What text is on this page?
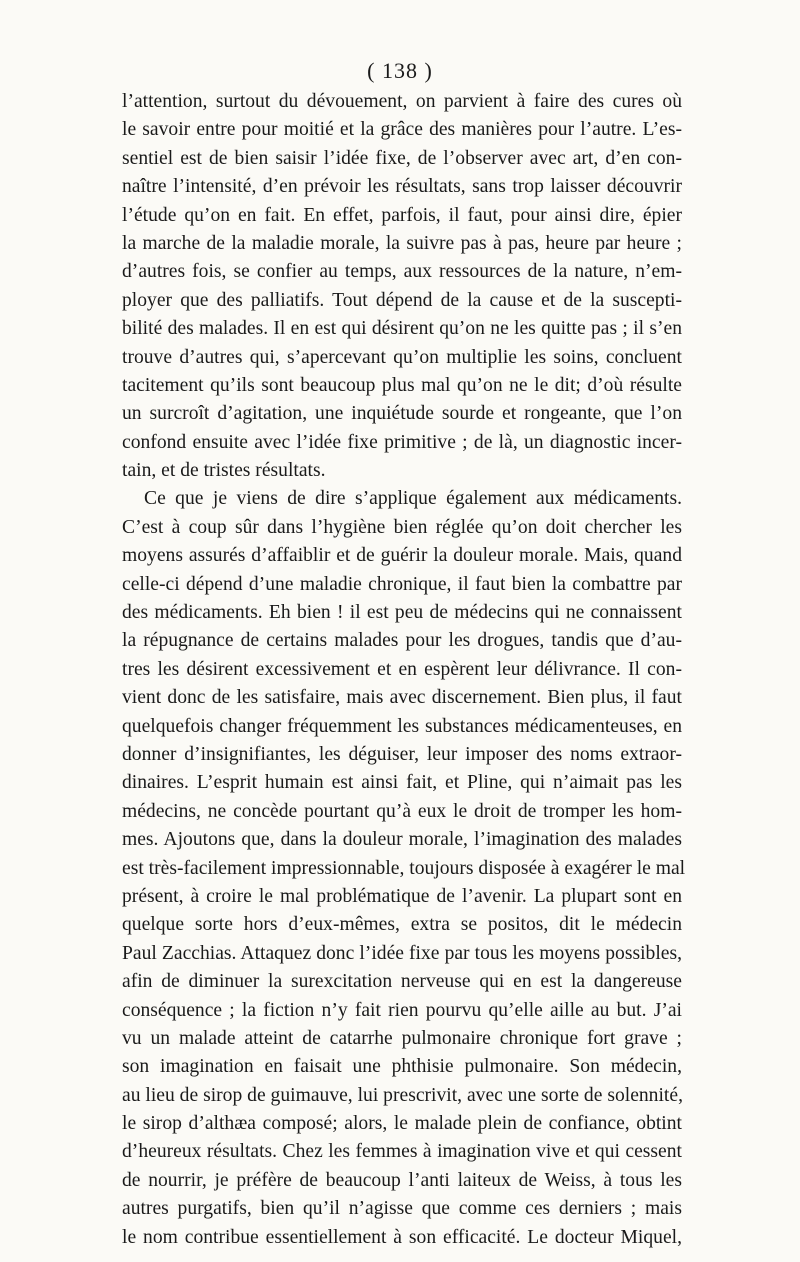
( 138 )
l’attention, surtout du dévouement, on parvient à faire des cures où
le savoir entre pour moitié et la grâce des manières pour l’autre. L’es-
sentiel est de bien saisir l’idée fixe, de l’observer avec art, d’en con-
naître l’intensité, d’en prévoir les résultats, sans trop laisser découvrir
l’étude qu’on en fait. En effet, parfois, il faut, pour ainsi dire, épier
la marche de la maladie morale, la suivre pas à pas, heure par heure ;
d’autres fois, se confier au temps, aux ressources de la nature, n’em-
ployer que des palliatifs. Tout dépend de la cause et de la suscepti-
bilité des malades. Il en est qui désirent qu’on ne les quitte pas ; il s’en
trouve d’autres qui, s’apercevant qu’on multiplie les soins, concluent
tacitement qu’ils sont beaucoup plus mal qu’on ne le dit; d’où résulte
un surcroît d’agitation, une inquiétude sourde et rongeante, que l’on
confond ensuite avec l’idée fixe primitive ; de là, un diagnostic incer-
tain, et de tristes résultats.
Ce que je viens de dire s’applique également aux médicaments.
C’est à coup sûr dans l’hygiène bien réglée qu’on doit chercher les
moyens assurés d’affaiblir et de guérir la douleur morale. Mais, quand
celle-ci dépend d’une maladie chronique, il faut bien la combattre par
des médicaments. Eh bien ! il est peu de médecins qui ne connaissent
la répugnance de certains malades pour les drogues, tandis que d’au-
tres les désirent excessivement et en espèrent leur délivrance. Il con-
vient donc de les satisfaire, mais avec discernement. Bien plus, il faut
quelquefois changer fréquemment les substances médicamenteuses, en
donner d’insignifiantes, les déguiser, leur imposer des noms extraor-
dinaires. L’esprit humain est ainsi fait, et Pline, qui n’aimait pas les
médecins, ne concède pourtant qu’à eux le droit de tromper les hom-
mes. Ajoutons que, dans la douleur morale, l’imagination des malades
est très-facilement impressionnable, toujours disposée à exagérer le mal
présent, à croire le mal problématique de l’avenir. La plupart sont en
quelque sorte hors d’eux-mêmes, extra se positos, dit le médecin
Paul Zacchias. Attaquez donc l’idée fixe par tous les moyens possibles,
afin de diminuer la surexcitation nerveuse qui en est la dangereuse
conséquence ; la fiction n’y fait rien pourvu qu’elle aille au but. J’ai
vu un malade atteint de catarrhe pulmonaire chronique fort grave ;
son imagination en faisait une phthisie pulmonaire. Son médecin,
au lieu de sirop de guimauve, lui prescrivit, avec une sorte de solennité,
le sirop d’althæa composé; alors, le malade plein de confiance, obtint
d’heureux résultats. Chez les femmes à imagination vive et qui cessent
de nourrir, je préfère de beaucoup l’anti laiteux de Weiss, à tous les
autres purgatifs, bien qu’il n’agisse que comme ces derniers ; mais
le nom contribue essentiellement à son efficacité. Le docteur Miquel,
